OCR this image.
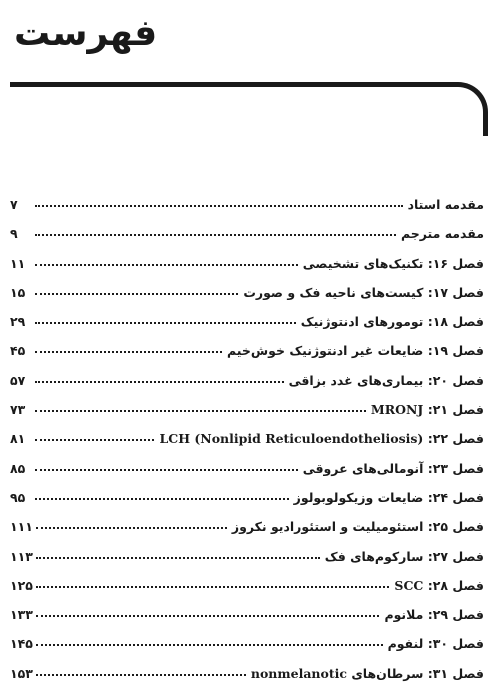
فهرست
مقدمه استاد
۷
مقدمه مترجم
۹
فصل ۱۶: تکنیک‌های تشخیصی
۱۱
فصل ۱۷: کیست‌های ناحیه فک و صورت
۱۵
فصل ۱۸: تومورهای ادنتوژنیک
۲۹
فصل ۱۹: ضایعات غیر ادنتوژنیک خوش‌خیم
۴۵
فصل ۲۰: بیماری‌های غدد بزاقی
۵۷
فصل ۲۱: MRONJ
۷۳
فصل ۲۲: LCH (Nonlipid Reticuloendotheliosis)
۸۱
فصل ۲۳: آنومالی‌های عروقی
۸۵
فصل ۲۴: ضایعات وزیکولوبولوز
۹۵
فصل ۲۵: استئومیلیت و استئورادیو نکروز
۱۱۱
فصل ۲۷: سارکوم‌های فک
۱۱۳
فصل ۲۸: SCC
۱۲۵
فصل ۲۹: ملانوم
۱۳۳
فصل ۳۰: لنفوم
۱۴۵
فصل ۳۱: سرطان‌های nonmelanotic
۱۵۳
